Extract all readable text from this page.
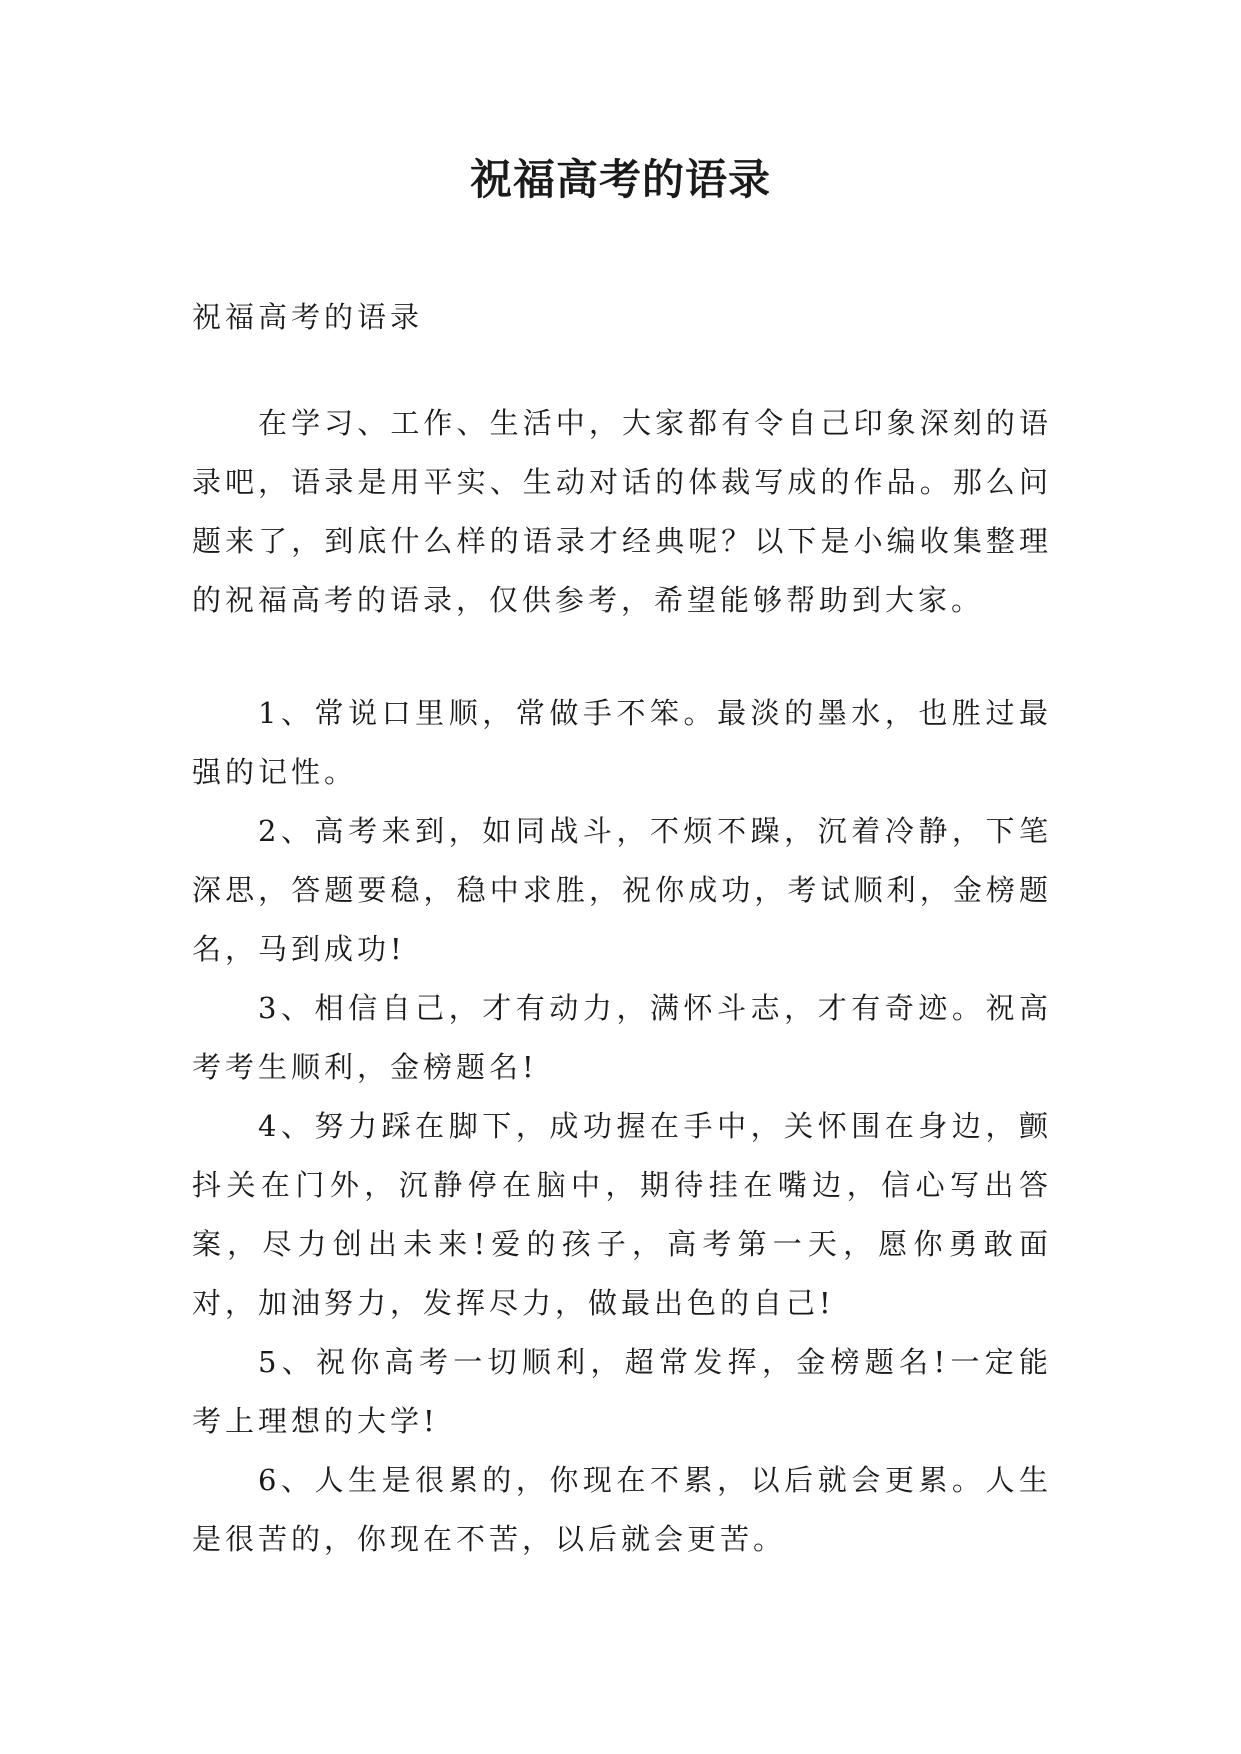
祝福高考的语录

祝福高考的语录

在学习、工作、生活中，大家都有令自己印象深刻的语录吧，语录是用平实、生动对话的体裁写成的作品。那么问题来了，到底什么样的语录才经典呢？以下是小编收集整理的祝福高考的语录，仅供参考，希望能够帮助到大家。

1、常说口里顺，常做手不笨。最淡的墨水，也胜过最强的记性。

2、高考来到，如同战斗，不烦不躁，沉着冷静，下笔深思，答题要稳，稳中求胜，祝你成功，考试顺利，金榜题名，马到成功!

3、相信自己，才有动力，满怀斗志，才有奇迹。祝高考考生顺利，金榜题名!

4、努力踩在脚下，成功握在手中，关怀围在身边，颤抖关在门外，沉静停在脑中，期待挂在嘴边，信心写出答案，尽力创出未来!爱的孩子，高考第一天，愿你勇敢面对，加油努力，发挥尽力，做最出色的自己!

5、祝你高考一切顺利，超常发挥，金榜题名!一定能考上理想的大学!

6、人生是很累的，你现在不累，以后就会更累。人生是很苦的，你现在不苦，以后就会更苦。
